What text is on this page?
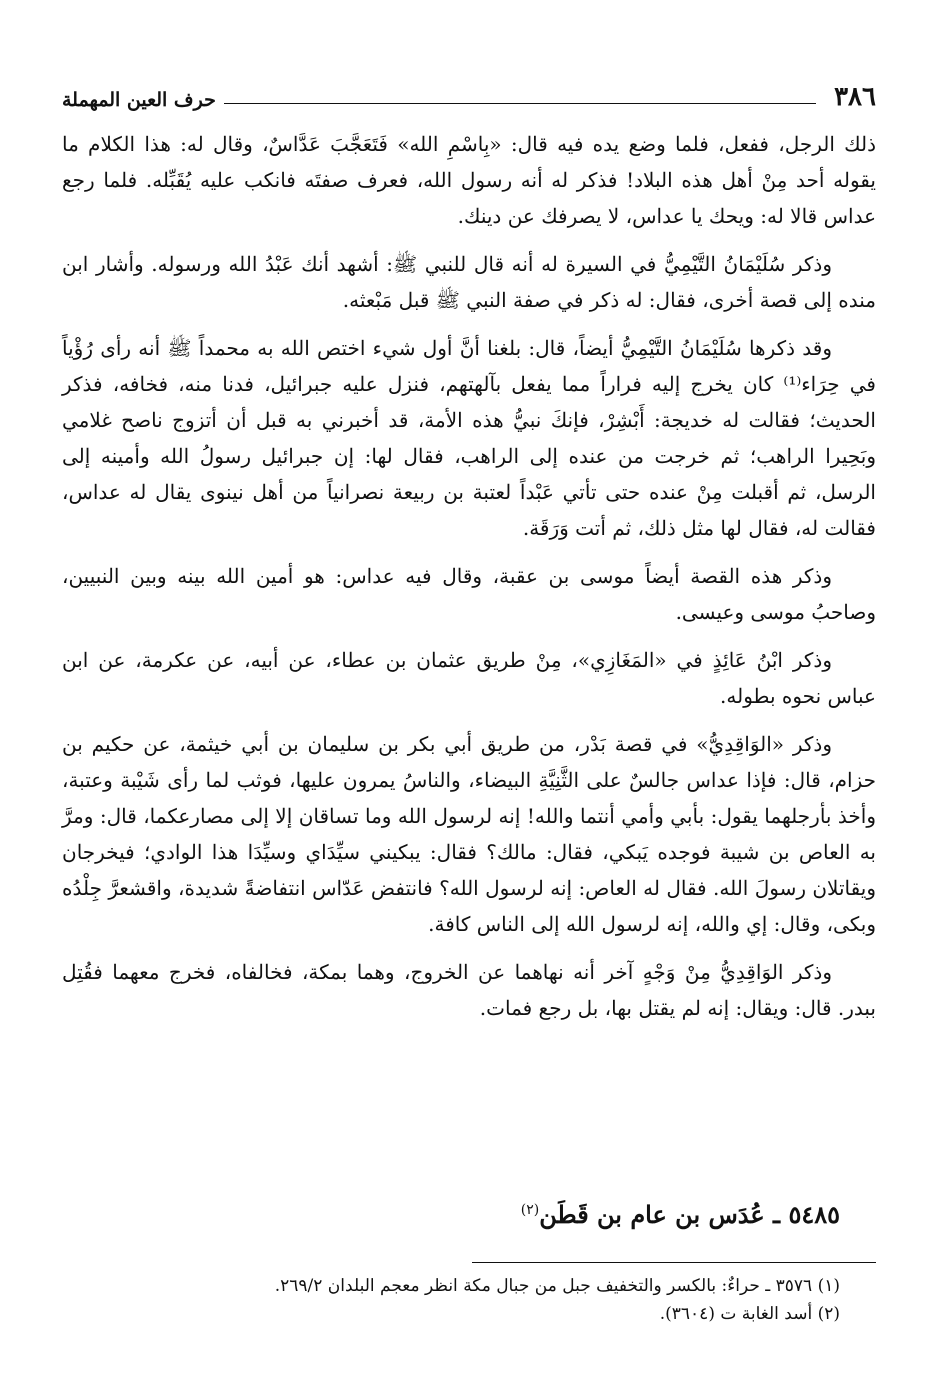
٣٨٦
حرف العين المهملة

ذلك الرجل، ففعل، فلما وضع يده فيه قال: «بِاسْمِ الله» فَتَعَجَّبَ عَدَّاسٌ، وقال له: هذا الكلام ما يقوله أحد مِنْ أهل هذه البلاد! فذكر له أنه رسول الله، فعرف صفتَه فانكب عليه يُقَبِّله. فلما رجع عداس قالا له: ويحك يا عداس، لا يصرفك عن دينك.

وذكر سُلَيْمَانُ التَّيْمِيُّ في السيرة له أنه قال للنبي ﷺ: أشهد أنك عَبْدُ الله ورسوله. وأشار ابن منده إلى قصة أخرى، فقال: له ذكر في صفة النبي ﷺ قبل مَبْعثه.

وقد ذكرها سُلَيْمَانُ التَّيْمِيُّ أيضاً، قال: بلغنا أنَّ أول شيء اختص الله به محمداً ﷺ أنه رأى رُؤْياً في حِرَاء⁽¹⁾ كان يخرج إليه فراراً مما يفعل بآلهتهم، فنزل عليه جبرائيل، فدنا منه، فخافه، فذكر الحديث؛ فقالت له خديجة: أَبْشِرْ، فإنكَ نبيُّ هذه الأمة، قد أخبرني به قبل أن أتزوج ناصح غلامي وبَحِيرا الراهب؛ ثم خرجت من عنده إلى الراهب، فقال لها: إن جبرائيل رسولُ الله وأمينه إلى الرسل، ثم أقبلت مِنْ عنده حتى تأتي عَبْداً لعتبة بن ربيعة نصرانياً من أهل نينوى يقال له عداس، فقالت له، فقال لها مثل ذلك، ثم أتت وَرَقَة.

وذكر هذه القصة أيضاً موسى بن عقبة، وقال فيه عداس: هو أمين الله بينه وبين النبيين، وصاحبُ موسى وعيسى.

وذكر ابْنُ عَائِذٍ في «المَغَازِي»، مِنْ طريق عثمان بن عطاء، عن أبيه، عن عكرمة، عن ابن عباس نحوه بطوله.

وذكر «الوَاقِدِيُّ» في قصة بَدْر، من طريق أبي بكر بن سليمان بن أبي خيثمة، عن حكيم بن حزام، قال: فإذا عداس جالسٌ على الثَّنِيَّةِ البيضاء، والناسُ يمرون عليها، فوثب لما رأى شَيْبة وعتبة، وأخذ بأرجلهما يقول: بأبي وأمي أنتما والله! إنه لرسول الله وما تساقان إلا إلى مصارعكما، قال: ومرَّ به العاص بن شيبة فوجده يَبكي، فقال: مالك؟ فقال: يبكيني سيِّدَاي وسيِّدَا هذا الوادي؛ فيخرجان ويقاتلان رسولَ الله. فقال له العاص: إنه لرسول الله؟ فانتفض عَدّاس انتفاضةً شديدة، واقشعرَّ جِلْدُه وبكى، وقال: إي والله، إنه لرسول الله إلى الناس كافة.

وذكر الوَاقِدِيُّ مِنْ وَجْهٍ آخر أنه نهاهما عن الخروج، وهما بمكة، فخالفاه، فخرج معهما فقُتِل ببدر. قال: ويقال: إنه لم يقتل بها، بل رجع فمات.

٥٤٨٥ ـ عُدَس بن عام بن قَطَن$^{(٢)}$

(١) ٣٥٧٦ ـ حراءٌ: بالكسر والتخفيف جبل من جبال مكة انظر معجم البلدان ٢٦٩/٢.

(٢) أسد الغابة ت (٣٦٠٤).
